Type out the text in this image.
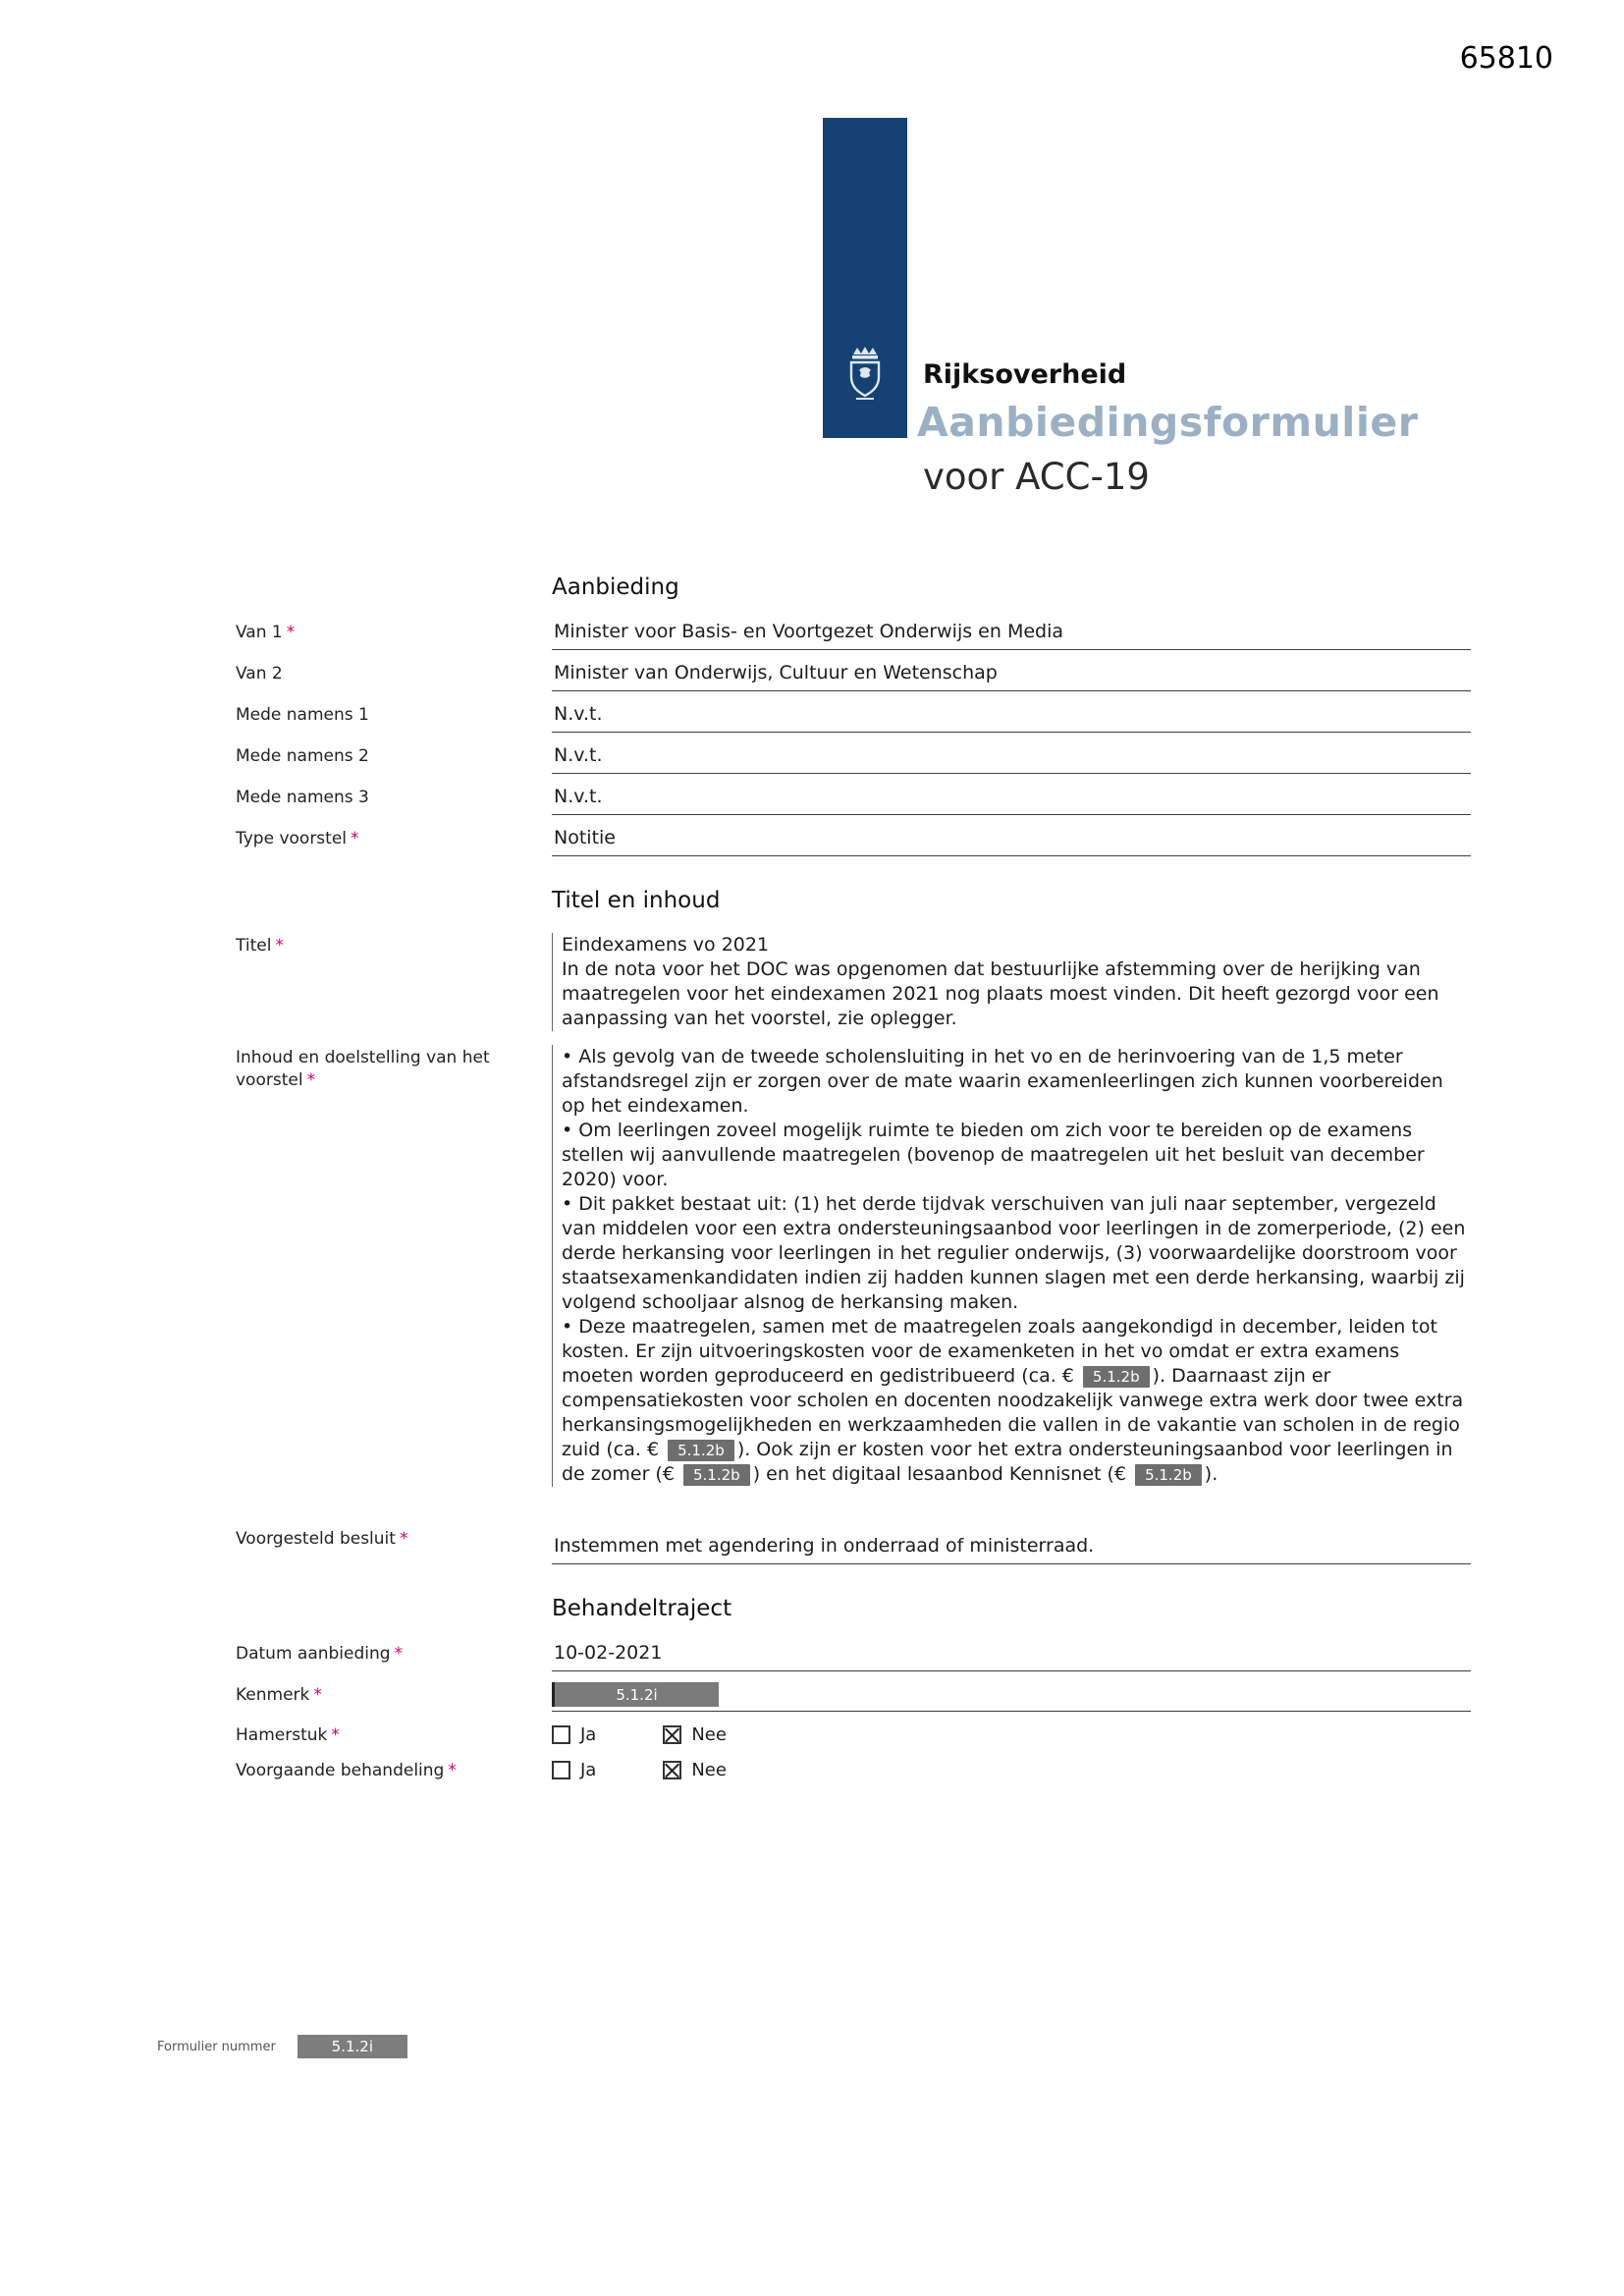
65810
Rijksoverheid
Aanbiedingsformulier
voor ACC-19
Aanbieding
Van 1 *	Minister voor Basis- en Voortgezet Onderwijs en Media
Van 2	Minister van Onderwijs, Cultuur en Wetenschap
Mede namens 1	N.v.t.
Mede namens 2	N.v.t.
Mede namens 3	N.v.t.
Type voorstel *	Notitie
Titel en inhoud
Titel *	Eindexamens vo 2021

In de nota voor het DOC was opgenomen dat bestuurlijke afstemming over de herijking van maatregelen voor het eindexamen 2021 nog plaats moest vinden. Dit heeft gezorgd voor een aanpassing van het voorstel, zie oplegger.

Inhoud en doelstelling van het voorstel *

• Als gevolg van de tweede scholensluiting in het vo en de herinvoering van de 1,5 meter afstandsregel zijn er zorgen over de mate waarin examenleerlingen zich kunnen voorbereiden op het eindexamen.

• Om leerlingen zoveel mogelijk ruimte te bieden om zich voor te bereiden op de examens stellen wij aanvullende maatregelen (bovenop de maatregelen uit het besluit van december 2020) voor.

• Dit pakket bestaat uit: (1) het derde tijdvak verschuiven van juli naar september, vergezeld van middelen voor een extra ondersteuningsaanbod voor leerlingen in de zomerperiode, (2) een derde herkansing voor leerlingen in het regulier onderwijs, (3) voorwaardelijke doorstroom voor staatsexamenkandidaten indien zij hadden kunnen slagen met een derde herkansing, waarbij zij volgend schooljaar alsnog de herkansing maken.

• Deze maatregelen, samen met de maatregelen zoals aangekondigd in december, leiden tot kosten. Er zijn uitvoeringskosten voor de examenketen in het vo omdat er extra examens moeten worden geproduceerd en gedistribueerd (ca. € 5.1.2b ). Daarnaast zijn er compensatiekosten voor scholen en docenten noodzakelijk vanwege extra werk door twee extra herkansingsmogelijkheden en werkzaamheden die vallen in de vakantie van scholen in de regio zuid (ca. € 5.1.2b ). Ook zijn er kosten voor het extra ondersteuningsaanbod voor leerlingen in de zomer (€ 5.1.2b ) en het digitaal lesaanbod Kennisnet (€ 5.1.2b ).

Voorgesteld besluit *	Instemmen met agendering in onderraad of ministerraad.
Behandeltraject
Datum aanbieding *	10-02-2021
Kenmerk *	5.1.2i
Hamerstuk *	Ja	Nee
Voorgaande behandeling *	Ja	Nee
Formulier nummer	5.1.2i
